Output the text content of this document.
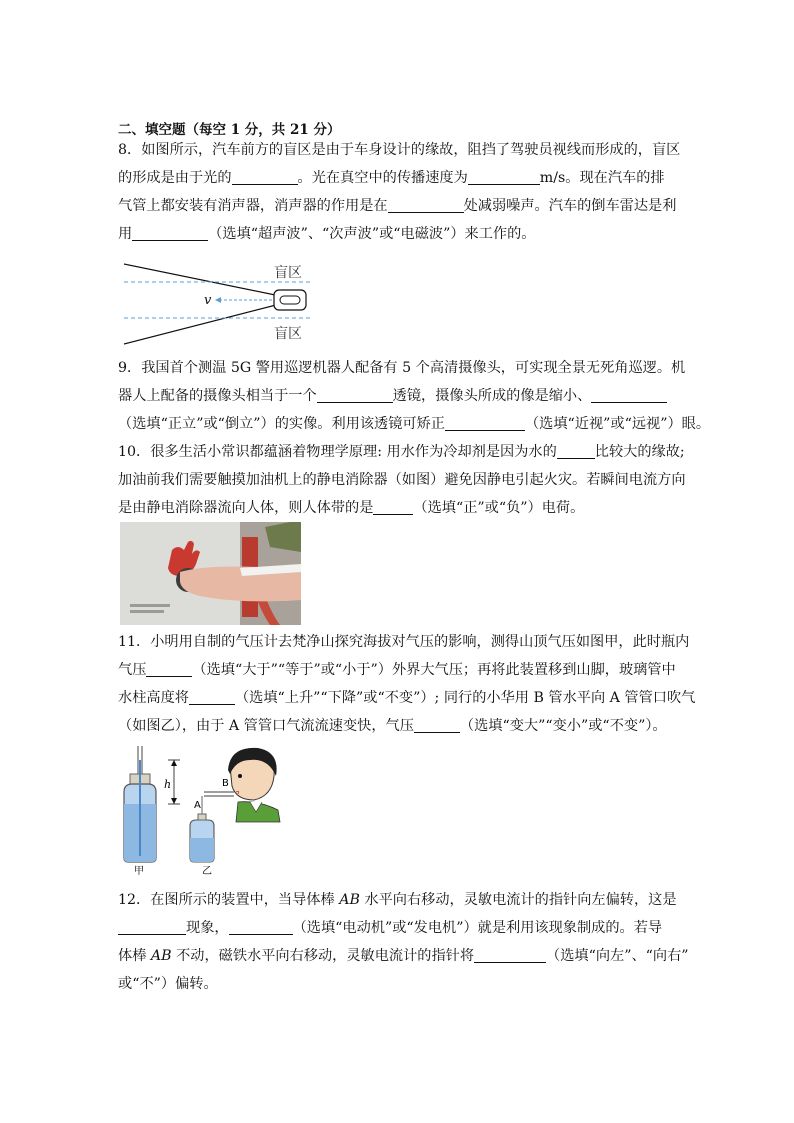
二、填空题（每空 1 分，共 21 分）
8．如图所示，汽车前方的盲区是由于车身设计的缘故，阻挡了驾驶员视线而形成的，盲区
的形成是由于光的	。光在真空中的传播速度为	m/s。现在汽车的排
气管上都安装有消声器，消声器的作用是在	处减弱噪声。汽车的倒车雷达是利
用	（选填“超声波”、“次声波”或“电磁波”）来工作的。
盲区
盲区
v
9．我国首个测温 5G 警用巡逻机器人配备有 5 个高清摄像头，可实现全景无死角巡逻。机
器人上配备的摄像头相当于一个	透镜，摄像头所成的像是缩小、
（选填“正立”或“倒立”）的实像。利用该透镜可矫正	（选填“近视”或“远视”）眼。
10．很多生活小常识都蕴涵着物理学原理: 用水作为冷却剂是因为水的	比较大的缘故;
加油前我们需要触摸加油机上的静电消除器（如图）避免因静电引起火灾。若瞬间电流方向
是由静电消除器流向人体，则人体带的是	（选填“正”或“负”）电荷。
11．小明用自制的气压计去梵净山探究海拔对气压的影响，测得山顶气压如图甲，此时瓶内
气压	（选填“大于”“等于”或“小于”）外界大气压；再将此装置移到山脚，玻璃管中
水柱高度将	（选填“上升”“下降”或“不变”）; 同行的小华用 B 管水平向 A 管管口吹气
（如图乙），由于 A 管管口气流流速变快，气压	（选填“变大”“变小”或“不变”）。
h
A
B
甲	乙
12．在图所示的装置中，当导体棒 AB 水平向右移动，灵敏电流计的指针向左偏转，这是
现象，	（选填“电动机”或“发电机”）就是利用该现象制成的。若导
体棒 AB 不动，磁铁水平向右移动，灵敏电流计的指针将	（选填“向左”、“向右”
或“不”）偏转。
